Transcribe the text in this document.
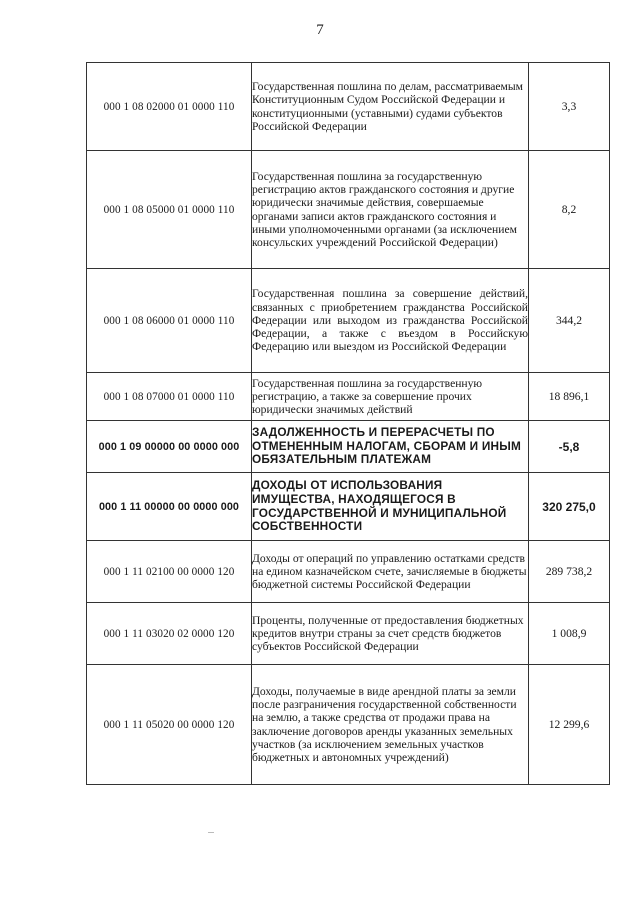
7
000 1 08 02000 01 0000 110	Государственная пошлина по делам, рассматриваемым Конституционным Судом Российской Федерации и конституционными (уставными) судами субъектов Российской Федерации	3,3
000 1 08 05000 01 0000 110	Государственная пошлина за государственную регистрацию актов гражданского состояния и другие юридически значимые действия, совершаемые органами записи актов гражданского состояния и иными уполномоченными органами (за исключением консульских учреждений Российской Федерации)	8,2
000 1 08 06000 01 0000 110	Государственная пошлина за совершение действий, связанных с приобретением гражданства Российской Федерации или выходом из гражданства Российской Федерации, а также с въездом в Российскую Федерацию или выездом из Российской Федерации	344,2
000 1 08 07000 01 0000 110	Государственная пошлина за государственную регистрацию, а также за совершение прочих юридически значимых действий	18 896,1
000 1 09 00000 00 0000 000	ЗАДОЛЖЕННОСТЬ И ПЕРЕРАСЧЕТЫ ПО ОТМЕНЕННЫМ НАЛОГАМ, СБОРАМ И ИНЫМ ОБЯЗАТЕЛЬНЫМ ПЛАТЕЖАМ	-5,8
000 1 11 00000 00 0000 000	ДОХОДЫ ОТ ИСПОЛЬЗОВАНИЯ ИМУЩЕСТВА, НАХОДЯЩЕГОСЯ В ГОСУДАРСТВЕННОЙ И МУНИЦИПАЛЬНОЙ СОБСТВЕННОСТИ	320 275,0
000 1 11 02100 00 0000 120	Доходы от операций по управлению остатками средств на едином казначейском счете, зачисляемые в бюджеты бюджетной системы Российской Федерации	289 738,2
000 1 11 03020 02 0000 120	Проценты, полученные от предоставления бюджетных кредитов внутри страны за счет средств бюджетов субъектов Российской Федерации	1 008,9
000 1 11 05020 00 0000 120	Доходы, получаемые в виде арендной платы за земли после разграничения государственной собственности на землю, а также средства от продажи права на заключение договоров аренды указанных земельных участков (за исключением земельных участков бюджетных и автономных учреждений)	12 299,6
